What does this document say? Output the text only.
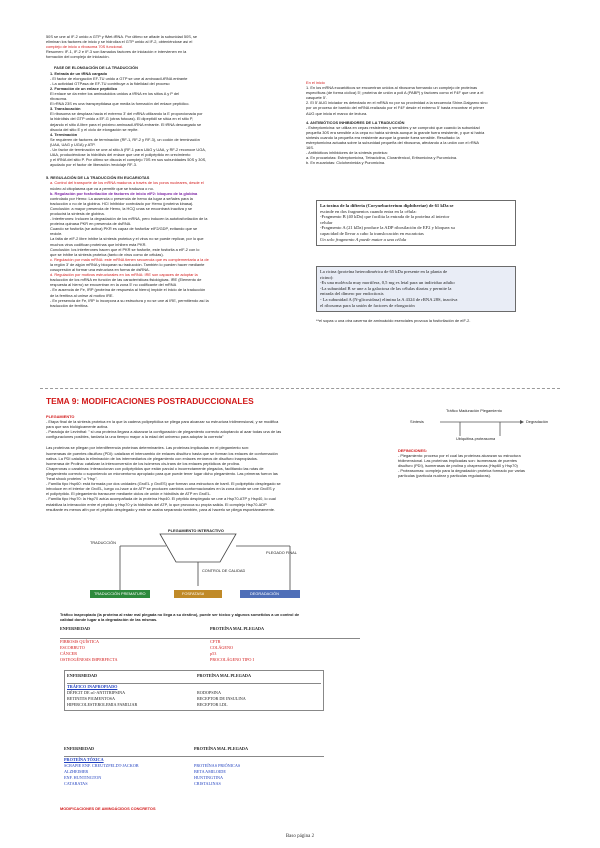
50S se une al IF-2 unido a GTP y fMet-tRNA. Por último se añade la subunidad 50S, se
eliminan los factores de inicio y se hidroliza el GTP unido al IF-2, obteniéndose así el
complejo de inicio o ribosoma 70S funcional.
Resumen: IF-1, IF-2 e IF-3 son llamados factores de iniciación e intervienen en la
formación del complejo de iniciación.
FASE DE ELONGACIÓN DE LA TRADUCCIÓN
1. Entrada de un tRNA cargado
- El factor de elongación EF-TU unido a GTP se une al aminoacil-tRNA entrante
- La actividad GTPasa de EF-TU contribuye a la fidelidad del proceso
2. Formación de un enlace peptídico
El enlace se da entre los aminoácidos unidos a tRNA en los sitios A y P del
ribosoma.
El rRNA 23S es una transpeptidasa que media la formación del enlace peptídico.
3. Translocación
El ribosoma se desplaza hacia el extremo 3' del mRNA utilizando la E proporcionada por
la hidrólisis del GTP unido a EF-G (otras fotocas). El dipeptidil se sitúa en el sitio P,
dejando el sitio A libre para el próximo aminoacil-tRNA entrante. El tRNA descargado se
disocia del sitio E y el ciclo de elongación se repite.
4. Terminación
Se requieren de factores de terminación (RF-1, RF-2 y RF-3), un codón de terminación
(UAA, UAG y UGA) y ATP.
- Un factor de terminación se une al sitio A (RF-1 para UAG y UAA, y RF-2 reconoce UGA,
UAA, produciéndose la hidrólisis del enlace que une el polipéptido en crecimiento
y el tRNA del sitio P. Por último se disocia el complejo 70S en sus subunidades 50S y 30S,
ayudado por el factor de liberación /reciclaje RF-3.
5. REGULACIÓN DE LA TRADUCCIÓN EN EUCARIOTAS
a. Control del transporte de los mRNA maduros a través de los poros nucleares, desde el
núcleo al citoplasma que va a permitir que se traduzca o no.
b. Regulación por fosforilación de factores de inicio eIF2: bloqueo de la globina
controlado por Hemo: La ausencia o presencia de hemo da lugar a señales para la
traducción o no de la globina. HCI Inhibidor controlado por Hemo (proteína kinasa).
Conclusión: a mayor presencia de Hemo, la HCQ unas se encontrará inactiva y se
producirá la síntesis de globina.
- Interferones: Inducen la degradación de los mRNA, pero inducen la autofosforilación de la
proteína quinasa PKR en presencia de dsRNA.
Cuando se fosforila (se activa) PKR es capaz de fosforilar eIF2/GDP, evitando que se
recicle.
La falta de eIF-2 libre inhibe la síntesis proteica y el virus no se puede replicar, por lo que
muchos virus codifican proteínas que inhiben esta PKR.
Conclusión: los interferones hacen que el PKR se fosforile, este fosforila a eIF-2 con lo
que se inhibe la síntesis proteica (tanto de virus como de células).
c. Regulación por mala mRNA: este mRNA tienen secuencia que es complementaria a la de
la región 3' de algún mRNA y bloquean su traducción. También lo pueden hacer mediante
cosupresión al formar una estructura en forma de dsRNA.
d. Regulación por motivos estructurales en los mRNA: IRE son capaces de adoptar la
traducción de los mRNA en función de las características fisiológicas. IRE (Elemento de
respuesta al hierro) se encuentran en la zona 5' no codificante del mRNA
- En ausencia de Fe, IRP (proteína de respuesta al hierro) impide el inicio de la traducción
de la ferritina al unirse al motivo IRE.
- En presencia de Fe, IRP lo incorpora a su estructura y no se une al IRE, permitiendo así la
traducción de ferritina.
En el inicio
1. En los mRNA eucarióticos se encuentran unidos al ribosoma formando un complejo de proteínas
específicas (de forma cíclica) 5'; proteína de unión a poli A (PABP) y factores como el F4F que une a el
casquete 5'.
2. El 5' AUG iniciador es detectado en el mRNA no por su proximidad a la secuencia Shine-Dalgarno sino
por un proceso de barrido del mRNA realizado por el F4F desde el extremo 5' hasta encontrar el primer
AUG que inicia el marco de lectura.
4. ANTIBIÓTICOS INHIBIDORES DE LA TRADUCCIÓN
- Estreptomicina: se utiliza en cepas resistentes y sensibles y se comprobó que cuando la subunidad
pequeña 30S era sensible a la cepa no había síntesis aunque la grande fuera resistente, y que si había
síntesis cuando la pequeña era resistente aunque la grande fuera sensible. Resultado: la
estreptomicina actuaba sobre la subunidad pequeña del ribosoma, afectando a la unión con el rRNA
16S.
- Antibióticos inhibidores de la síntesis proteica:
a. En procariotas: Estreptomicina, Tetraciclina, Cloranfenicol, Eritromicina y Puromicina.
b. En eucariotas: Cicloheximida y Puromicina.
La toxina de la difteria (Corynebacterium diphtheriae) de 61 kDa se
escinde en dos fragmentos cuando entra en la célula:
-Fragmento B (40 kDa) que facilita la entrada de la proteína al interior
celular
-Fragmento A (21 kDa) produce la ADP ribosilación de EF2 y bloquea su
capacidad de llevar a cabo la translocación en eucariotas
Un solo fragmento A puede matar a una célula
La ricina (proteína heterodimérica de 65 kDa presente en la planta de
ricino):
-Es una molécula muy mortífera, 0,5 mg es letal para un individuo adulto
-La subunidad B se une a la galactosa de las células diarias y permite la
entrada del dímero por endocitosis
- La subunidad A (N-glicosidasa) elimina la A 4324 de rRNA 28S, inactiva
el ribosoma para la unión de factores de elongación
**el sopas u una otra caverna de aminoácido esenciales provoca la fosforilación de eIF-2.
TEMA 9: MODIFICACIONES POSTRADUCCIONALES
PLEGAMIENTO
- Etapa final de la síntesis proteica en la que la cadena polipeptídica se pliega para alcanzar su estructura tridimensional, y se modifica
para que sea biológicamente activa.
- Paradoja de Levinthal: " si una proteína llegara a alcanzar la configuración de plegamiento correcto adoptando al azar todas una de las
configuraciones posibles, tardaría la una tiempo mayor a la edad del universo para adoptar la correcta"
Las proteínas se pliegan por interdiferencia proteínas determinantes. Las proteínas implicadas en el plegamiento son:
Isomerasas de puentes disulfuro (PDI): catalizan el intercambio de enlaces disulfuro hasta que se forman los enlaces de conformación
nativa. La PDI cataliza la eliminación de los intermediarios de plegamiento con enlaces erróneos de disulfuro inapropiados.
Isomerasa de Prolina: catalizan la interconversión de los isómeros cis-trans de los enlaces peptídicos de prolina.
Chaperonas o carabinas: interaccionan con polipéptidos que están parcial o incorrectamente plegados, facilitando las rutas de
plegamiento correcto o suponiendo un microentorno apropiado para que puede tener lugar dicho plegamiento. Las primeras fueron las
"heat shock proteins" o "Hsp".
- Familia tipo Hsp60: está formada por dos unidades (GroEL y GroES) que forman una estructura de barril. El polipéptido desplegado se
introduce en el interior de GroEL, luego co-hace a de ATP se producen cambios conformacionales en la zona donde se une GroES y
el polipéptido. El plegamiento transcurre mediante ciclos de unión e hidrólisis de ATP en GroEL.
- Familia tipo Hsp70: la Hsp70 actúa acompañada de la proteína Hsp40. El péptido desplegado se une a Hsp70-ATP y Hsp40, lo cual
estabiliza la interacción entre el péptido y Hsp70 y la hidrólisis del ATP, lo que provoca su propia salida. El complejo Hsp70-ADP
resultante es menos afín por el péptido desplegado y este se acaba separando también, para al hacerlo se pliega espontáneamente.
Tráfico Maduración Plegamiento
Síntesis	Degradación
Ubiquitina-proteasoma
DEFINICIONES:
- Plegamiento: proceso por el cual las proteínas alcanzan su estructura
tridimensional. Las proteínas implicadas son: isomerasas de puentes
disulfuro (PDI), isomerasas de prolina y chaperonas (Hsp60 y Hsp70)
- Proteasomas: complejo para la degradación proteica formado por varias
partículas (partícula nuclear y partículas reguladoras).
PLEGAMIENTO INTERACTIVO
TRADUCCIÓN
CONTROL DE CALIDAD
PLEGADO FINAL
TRADUCCIÓN PREMATURO	FOSFATASA	DEGRADACIÓN
Tráfico inapropiado (la proteína al estar mal plegada no llega a su destino), puede ser tóxico y algunos sometidos a un control de
calidad donde lugar a la degradación de las mismas.
ENFERMEDAD	PROTEÍNA MAL PLEGADA
FIBROSIS QUÍSTICA	CFTR
ESCORBUTO	COLÁGENO
CÁNCER	p53
OSTEOGÉNESIS IMPERFECTA	PROCOLÁGENO TIPO I
ENFERMEDAD	PROTEÍNA MAL PLEGADA
TRÁFICO INAPROPIADO
DÉFICIT DE α1-ANTITRIPSINA	RODOPSINA
RETINITIS PIGMENTOSA	RECEPTOR DE INSULINA
HIPERCOLESTEROLEMIA FAMILIAR	RECEPTOR LDL
ENFERMEDAD	PROTEÍNA MAL PLEGADA
PROTEÍNA TÓXICA
SCRAPIE ENF. CREUTZFELDT-JACKOB	PROTEÍNAS PRIÓNICAS
ALZHEIMER	BETA AMILOIDE
ENF. HUNTINGTON	HUNTINGTINA
CATARATAS	CRISTALINAS
MODIFICACIONES DE AMINOÁCIDOS CONCRETOS
Baso página 2
